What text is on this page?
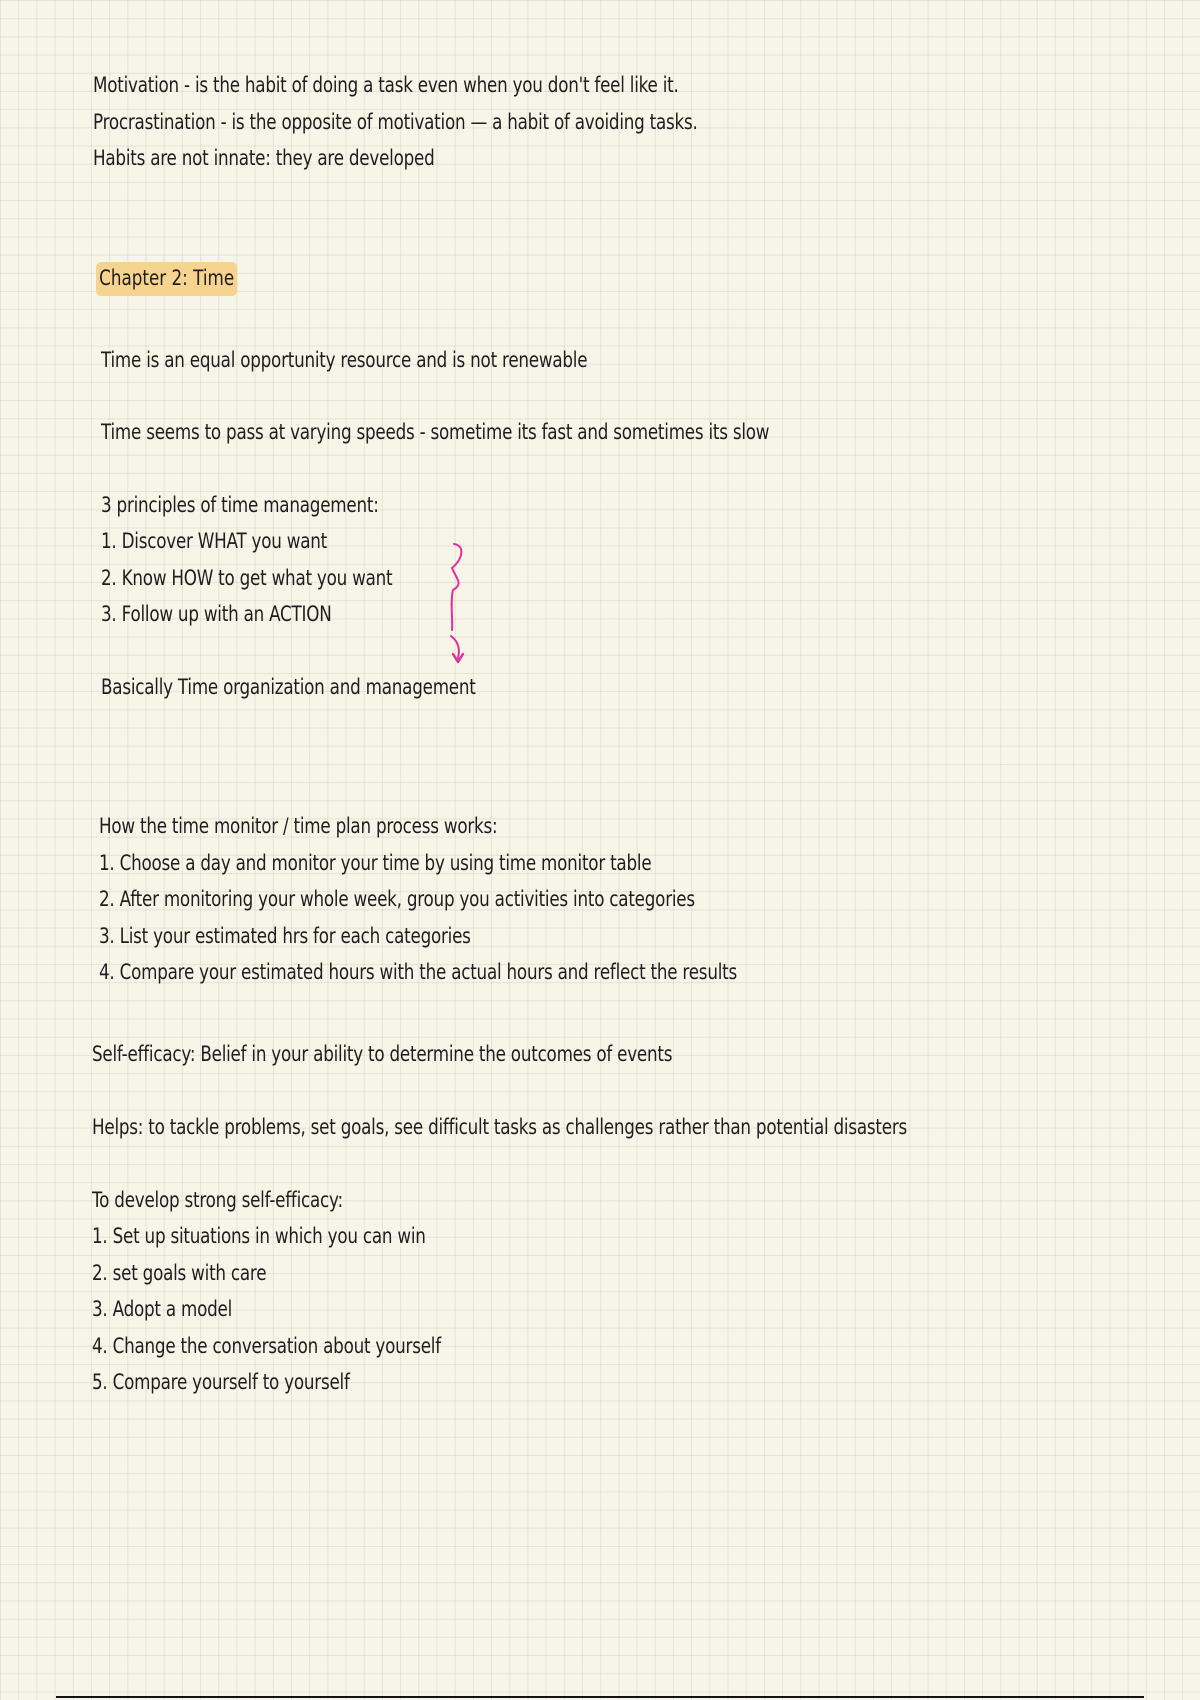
Motivation - is the habit of doing a task even when you don't feel like it.
Procrastination - is the opposite of motivation — a habit of avoiding tasks.
Habits are not innate: they are developed
Chapter 2: Time
Time is an equal opportunity resource and is not renewable
Time seems to pass at varying speeds - sometime its fast and sometimes its slow
3 principles of time management:
1. Discover WHAT you want
2. Know HOW to get what you want
3. Follow up with an ACTION
Basically Time organization and management
How the time monitor / time plan process works:
1. Choose a day and monitor your time by using time monitor table
2. After monitoring your whole week, group you activities into categories
3. List your estimated hrs for each categories
4. Compare your estimated hours with the actual hours and reflect the results
Self-efficacy: Belief in your ability to determine the outcomes of events
Helps: to tackle problems, set goals, see difficult tasks as challenges rather than potential disasters
To develop strong self-efficacy:
1. Set up situations in which you can win
2. set goals with care
3. Adopt a model
4. Change the conversation about yourself
5. Compare yourself to yourself
